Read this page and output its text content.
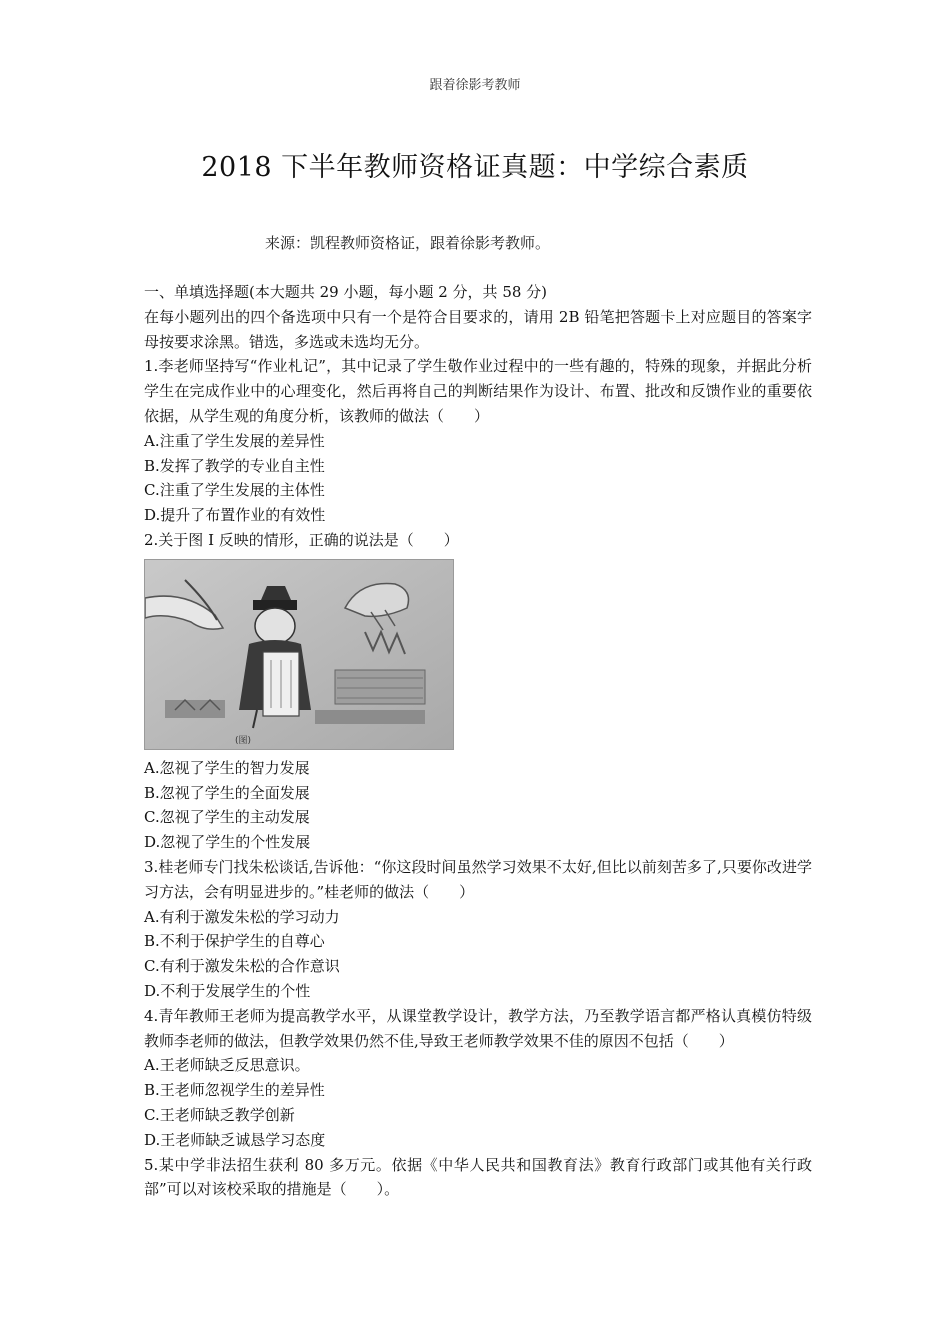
跟着徐影考教师
2018 下半年教师资格证真题：中学综合素质
来源：凯程教师资格证，跟着徐影考教师。
一、单填选择题(本大题共 29 小题，每小题 2 分，共 58 分)
在每小题列出的四个备选项中只有一个是符合目要求的，请用 2B 铅笔把答题卡上对应题目的答案字母按要求涂黑。错选，多选或未选均无分。
1.李老师坚持写“作业札记”，其中记录了学生敬作业过程中的一些有趣的，特殊的现象，并据此分析学生在完成作业中的心理变化，然后再将自己的判断结果作为设计、布置、批改和反馈作业的重要依依据，从学生观的角度分析，该教师的做法（　　）
A.注重了学生发展的差异性
B.发挥了教学的专业自主性
C.注重了学生发展的主体性
D.提升了布置作业的有效性
2.关于图 I 反映的情形，正确的说法是（　　）
(图)
A.忽视了学生的智力发展
B.忽视了学生的全面发展
C.忽视了学生的主动发展
D.忽视了学生的个性发展
3.桂老师专门找朱松谈话,告诉他：“你这段时间虽然学习效果不太好,但比以前刻苦多了,只要你改进学习方法，会有明显进步的。”桂老师的做法（　　）
A.有利于激发朱松的学习动力
B.不利于保护学生的自尊心
C.有利于激发朱松的合作意识
D.不利于发展学生的个性
4.青年教师王老师为提高教学水平，从课堂教学设计，教学方法，乃至教学语言都严格认真模仿特级教师李老师的做法，但教学效果仍然不佳,导致王老师教学效果不佳的原因不包括（　　）
A.王老师缺乏反思意识。
B.王老师忽视学生的差异性
C.王老师缺乏教学创新
D.王老师缺乏诚恳学习态度
5.某中学非法招生获利 80 多万元。依据《中华人民共和国教育法》教育行政部门或其他有关行政部”可以对该校采取的措施是（　　）。
